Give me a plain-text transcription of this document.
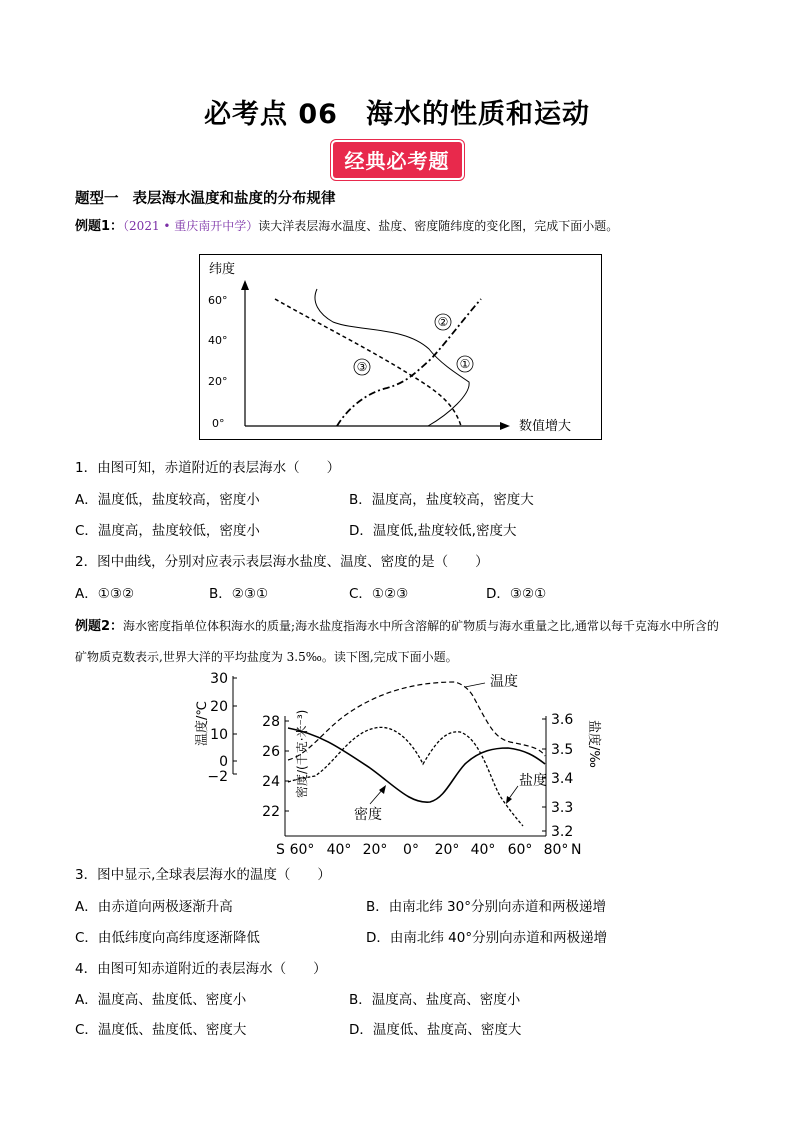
必考点 06　海水的性质和运动
经典必考题
题型一 表层海水温度和盐度的分布规律
例题1：（2021 • 重庆南开中学）读大洋表层海水温度、盐度、密度随纬度的变化图，完成下面小题。
纬度
60°
40°
20°
0°	数值增大
②
①
③
1．由图可知，赤道附近的表层海水（　　）
A．温度低，盐度较高，密度小	B．温度高，盐度较高，密度大
C．温度高，盐度较低，密度小	D．温度低,盐度较低,密度大
2．图中曲线，分别对应表示表层海水盐度、温度、密度的是（　　）
A．①③②	B．②③①	C．①②③	D．③②①
例题2：海水密度指单位体积海水的质量;海水盐度指海水中所含溶解的矿物质与海水重量之比,通常以每千克海水中所含的矿物质克数表示,世界大洋的平均盐度为 3.5‰。读下图,完成下面小题。
温度/℃
30
20
10
0
−2	密度/(千克·米⁻³)
28
26
24
22
3.6
3.5
3.4
3.3
3.2
盐度/‰
S 60° 40° 20° 0° 20° 40° 60° 80° N
温度
盐度
密度
3．图中显示,全球表层海水的温度（　　）
A．由赤道向两极逐渐升高	B．由南北纬 30°分别向赤道和两极递增
C．由低纬度向高纬度逐渐降低	D．由南北纬 40°分别向赤道和两极递增
4．由图可知赤道附近的表层海水（　　）
A．温度高、盐度低、密度小	B．温度高、盐度高、密度小
C．温度低、盐度低、密度大	D．温度低、盐度高、密度大
